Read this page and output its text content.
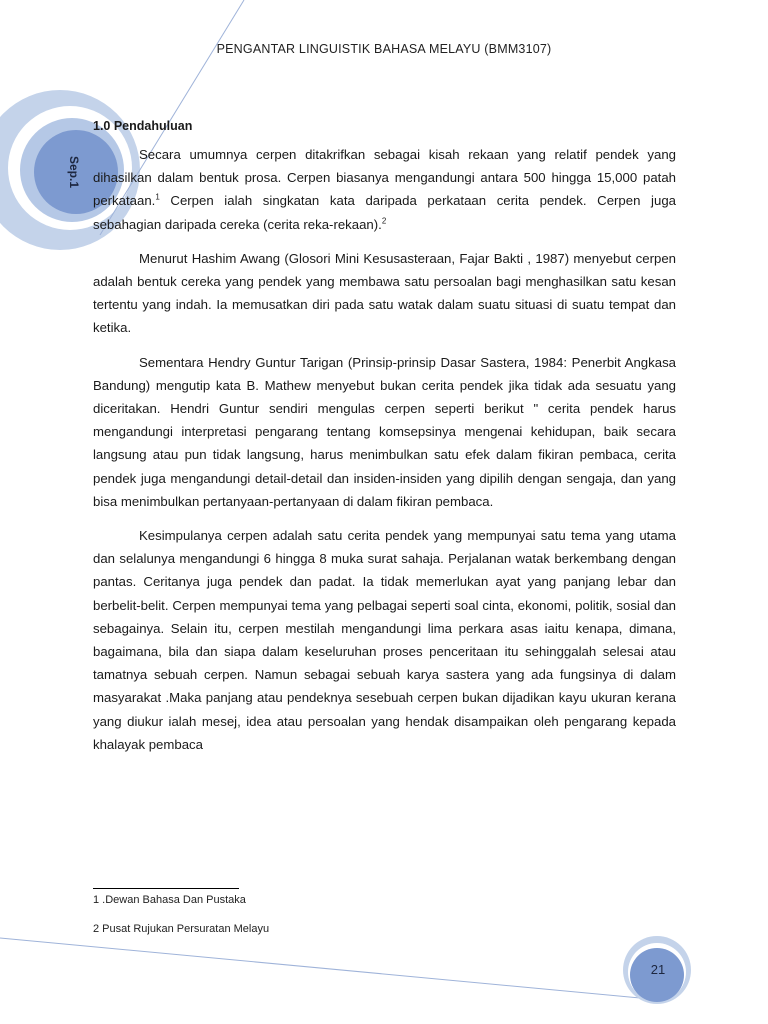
PENGANTAR LINGUISTIK BAHASA MELAYU (BMM3107)
Sep.1
1.0 Pendahuluan

Secara umumnya cerpen ditakrifkan sebagai kisah rekaan yang relatif pendek yang dihasilkan dalam bentuk prosa. Cerpen biasanya mengandungi antara 500 hingga 15,000 patah perkataan.$^1$ Cerpen ialah singkatan kata daripada perkataan cerita pendek. Cerpen juga sebahagian daripada cereka (cerita reka-rekaan).$^2$

Menurut Hashim Awang (Glosori Mini Kesusasteraan, Fajar Bakti , 1987) menyebut cerpen adalah bentuk cereka yang pendek yang membawa satu persoalan bagi menghasilkan satu kesan tertentu yang indah. Ia memusatkan diri pada satu watak dalam suatu situasi di suatu tempat dan ketika.

Sementara Hendry Guntur Tarigan (Prinsip-prinsip Dasar Sastera, 1984: Penerbit Angkasa Bandung) mengutip kata B. Mathew menyebut bukan cerita pendek jika tidak ada sesuatu yang diceritakan. Hendri Guntur sendiri mengulas cerpen seperti berikut " cerita pendek harus mengandungi interpretasi pengarang tentang komsepsinya mengenai kehidupan, baik secara langsung atau pun tidak langsung, harus menimbulkan satu efek dalam fikiran pembaca, cerita pendek juga mengandungi detail-detail dan insiden-insiden yang dipilih dengan sengaja, dan yang bisa menimbulkan pertanyaan-pertanyaan di dalam fikiran pembaca.

Kesimpulanya cerpen adalah satu cerita pendek yang mempunyai satu tema yang utama dan selalunya mengandungi 6 hingga 8 muka surat sahaja. Perjalanan watak berkembang dengan pantas. Ceritanya juga pendek dan padat. Ia tidak memerlukan ayat yang panjang lebar dan berbelit-belit. Cerpen mempunyai tema yang pelbagai seperti soal cinta, ekonomi, politik, sosial dan sebagainya. Selain itu, cerpen mestilah mengandungi lima perkara asas iaitu kenapa, dimana, bagaimana, bila dan siapa dalam keseluruhan proses penceritaan itu sehinggalah selesai atau tamatnya sebuah cerpen. Namun sebagai sebuah karya sastera yang ada fungsinya di dalam masyarakat .Maka panjang atau pendeknya sesebuah cerpen bukan dijadikan kayu ukuran kerana yang diukur ialah mesej, idea atau persoalan yang hendak disampaikan oleh pengarang kepada khalayak pembaca

1 .Dewan Bahasa Dan Pustaka
2 Pusat Rujukan Persuratan Melayu
21
